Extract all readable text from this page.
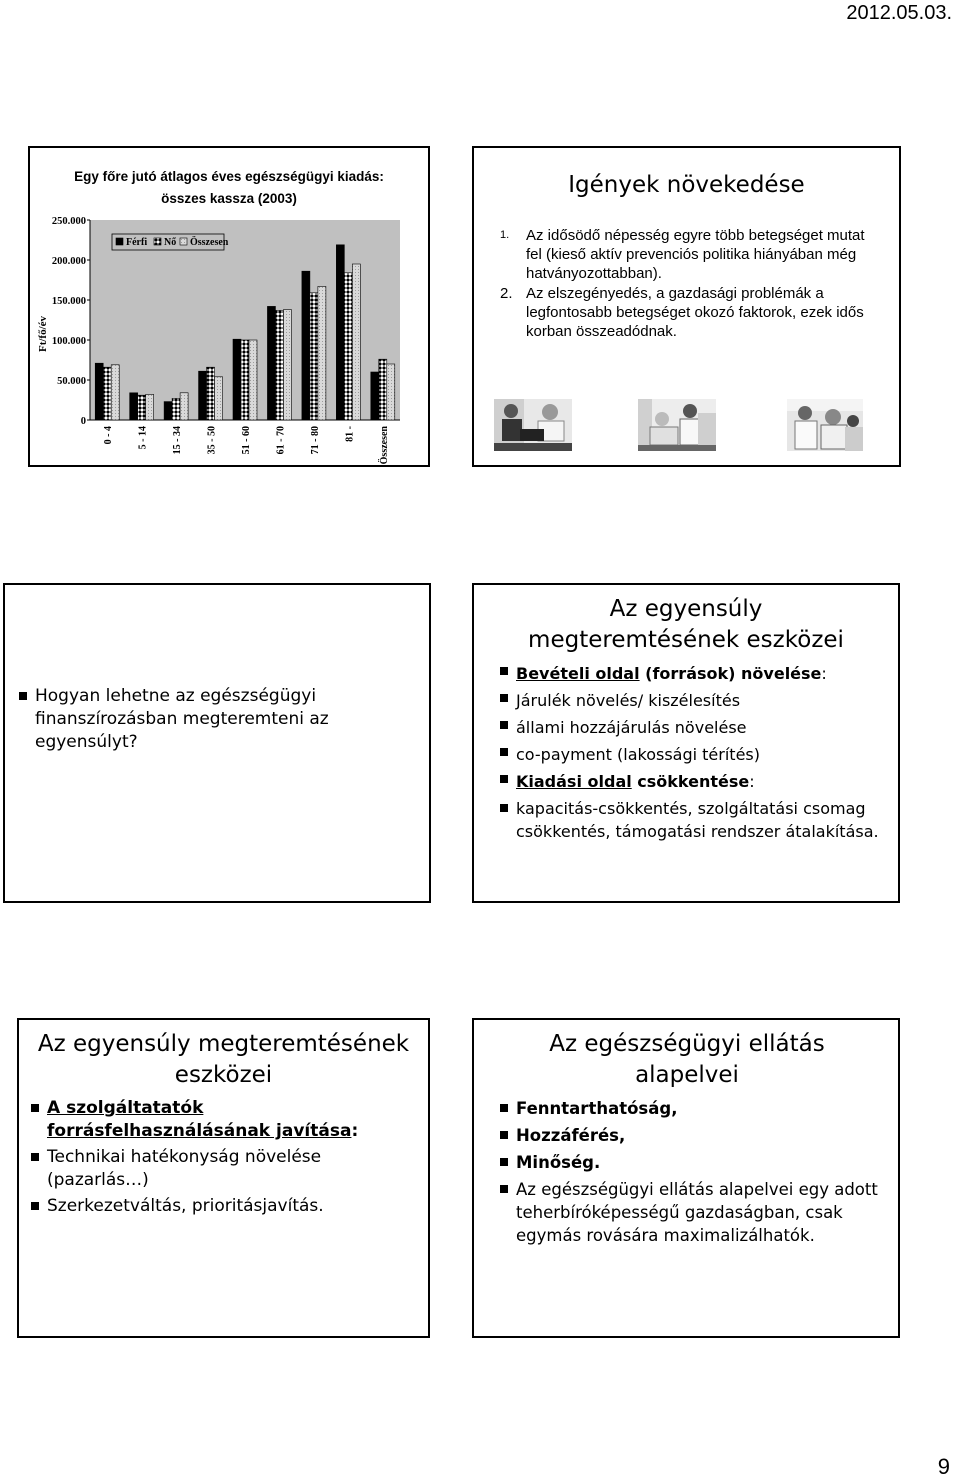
2012.05.03.
Egy főre jutó átlagos éves egészségügyi kiadás:
összes kassza (2003)
Ft/fő/év
0
50.000
100.000
150.000
200.000
250.000
0 - 4 5 - 14 15 - 34 35 - 50 51 - 60 61 - 70 71 - 80 81 - Összesen
Férfi Nő Összesen
Igények növekedése
1. Az idősödő népesség egyre több betegséget mutat fel (kieső aktív prevenciós politika hiányában még hatványozottabban).
2. Az elszegényedés, a gazdasági problémák a legfontosabb betegséget okozó faktorok, ezek idős korban összeadódnak.
Hogyan lehetne az egészségügyi finanszírozásban megteremteni az egyensúlyt?
Az egyensúly megteremtésének eszközei
Bevételi oldal (források) növelése:
Járulék növelés/ kiszélesítés
állami hozzájárulás növelése
co-payment (lakossági térítés)
Kiadási oldal csökkentése:
kapacitás-csökkentés, szolgáltatási csomag csökkentés, támogatási rendszer átalakítása.
Az egyensúly megteremtésének eszközei
A szolgáltatatók forrásfelhasználásának javítása:
Technikai hatékonyság növelése (pazarlás…)
Szerkezetváltás, prioritásjavítás.
Az egészségügyi ellátás alapelvei
Fenntarthatóság,
Hozzáférés,
Minőség.
Az egészségügyi ellátás alapelvei egy adott teherbíróképességű gazdaságban, csak egymás rovására maximalizálhatók.
9
